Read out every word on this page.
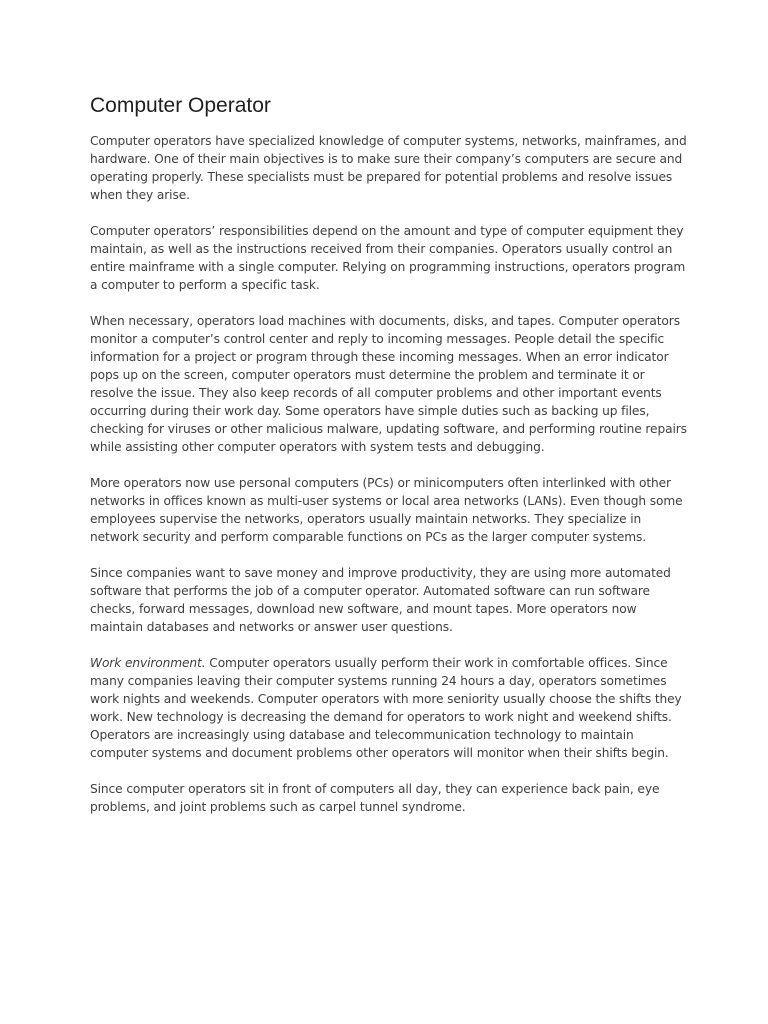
Computer Operator

Computer operators have specialized knowledge of computer systems, networks, mainframes, and hardware. One of their main objectives is to make sure their company’s computers are secure and operating properly. These specialists must be prepared for potential problems and resolve issues when they arise.

Computer operators’ responsibilities depend on the amount and type of computer equipment they maintain, as well as the instructions received from their companies. Operators usually control an entire mainframe with a single computer. Relying on programming instructions, operators program a computer to perform a specific task.

When necessary, operators load machines with documents, disks, and tapes. Computer operators monitor a computer’s control center and reply to incoming messages. People detail the specific information for a project or program through these incoming messages. When an error indicator pops up on the screen, computer operators must determine the problem and terminate it or resolve the issue. They also keep records of all computer problems and other important events occurring during their work day. Some operators have simple duties such as backing up files, checking for viruses or other malicious malware, updating software, and performing routine repairs while assisting other computer operators with system tests and debugging.

More operators now use personal computers (PCs) or minicomputers often interlinked with other networks in offices known as multi-user systems or local area networks (LANs). Even though some employees supervise the networks, operators usually maintain networks. They specialize in network security and perform comparable functions on PCs as the larger computer systems.

Since companies want to save money and improve productivity, they are using more automated software that performs the job of a computer operator. Automated software can run software checks, forward messages, download new software, and mount tapes. More operators now maintain databases and networks or answer user questions.

Work environment. Computer operators usually perform their work in comfortable offices. Since many companies leaving their computer systems running 24 hours a day, operators sometimes work nights and weekends. Computer operators with more seniority usually choose the shifts they work. New technology is decreasing the demand for operators to work night and weekend shifts. Operators are increasingly using database and telecommunication technology to maintain computer systems and document problems other operators will monitor when their shifts begin.

Since computer operators sit in front of computers all day, they can experience back pain, eye problems, and joint problems such as carpel tunnel syndrome.
